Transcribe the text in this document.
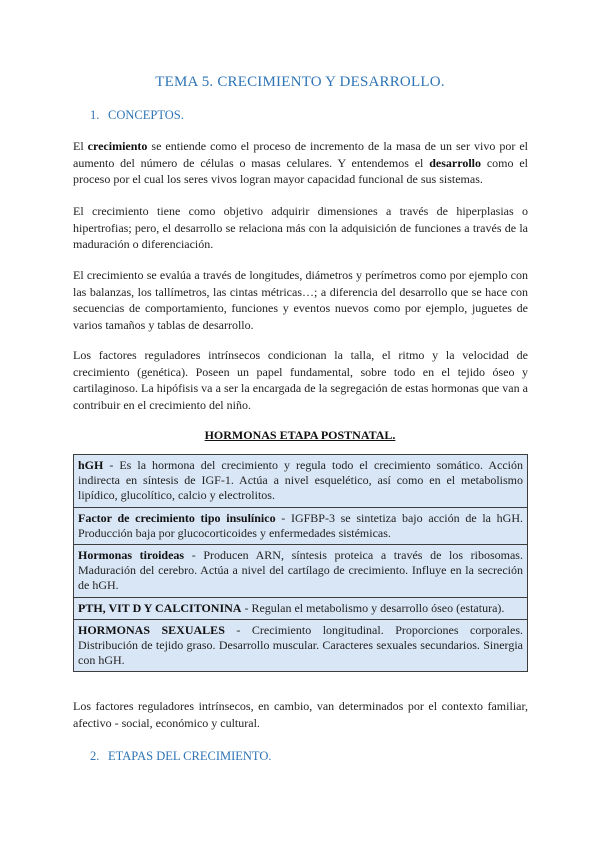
TEMA 5. CRECIMIENTO Y DESARROLLO.
1. CONCEPTOS.

El crecimiento se entiende como el proceso de incremento de la masa de un ser vivo por el aumento del número de células o masas celulares. Y entendemos el desarrollo como el proceso por el cual los seres vivos logran mayor capacidad funcional de sus sistemas.

El crecimiento tiene como objetivo adquirir dimensiones a través de hiperplasias o hipertrofias; pero, el desarrollo se relaciona más con la adquisición de funciones a través de la maduración o diferenciación.

El crecimiento se evalúa a través de longitudes, diámetros y perímetros como por ejemplo con las balanzas, los tallímetros, las cintas métricas…; a diferencia del desarrollo que se hace con secuencias de comportamiento, funciones y eventos nuevos como por ejemplo, juguetes de varios tamaños y tablas de desarrollo.

Los factores reguladores intrínsecos condicionan la talla, el ritmo y la velocidad de crecimiento (genética). Poseen un papel fundamental, sobre todo en el tejido óseo y cartilaginoso. La hipófisis va a ser la encargada de la segregación de estas hormonas que van a contribuir en el crecimiento del niño.

HORMONAS ETAPA POSTNATAL.
hGH - Es la hormona del crecimiento y regula todo el crecimiento somático. Acción indirecta en síntesis de IGF-1. Actúa a nivel esquelético, así como en el metabolismo lipídico, glucolítico, calcio y electrolitos.
Factor de crecimiento tipo insulínico - IGFBP-3 se sintetiza bajo acción de la hGH. Producción baja por glucocorticoides y enfermedades sistémicas.
Hormonas tiroideas - Producen ARN, síntesis proteica a través de los ribosomas. Maduración del cerebro. Actúa a nivel del cartílago de crecimiento. Influye en la secreción de hGH.
PTH, VIT D Y CALCITONINA - Regulan el metabolismo y desarrollo óseo (estatura).
HORMONAS SEXUALES - Crecimiento longitudinal. Proporciones corporales. Distribución de tejido graso. Desarrollo muscular. Caracteres sexuales secundarios. Sinergia con hGH.

Los factores reguladores intrínsecos, en cambio, van determinados por el contexto familiar, afectivo - social, económico y cultural.

2. ETAPAS DEL CRECIMIENTO.
